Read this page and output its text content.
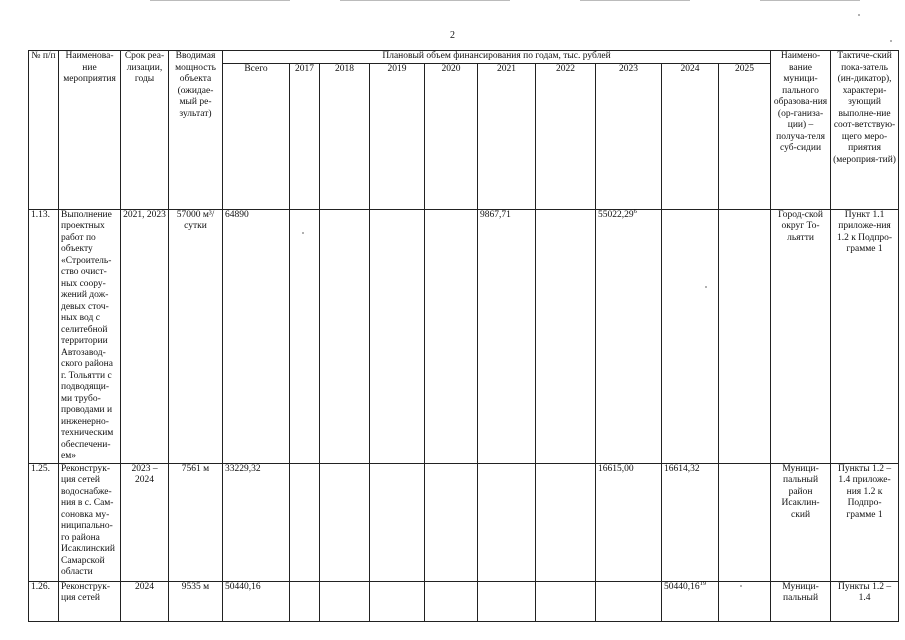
2
№ п/п	Наименова-ние мероприятия	Срок реа-лизации, годы	Вводимая мощность объекта (ожидае-мый ре-зультат)	Плановый объем финансирования по годам, тыс. рублей										Наимено-вание муници-пального образова-ния (ор-ганиза-ции) – получа-теля суб-сидии	Тактиче-ский пока-затель (ин-дикатор), характери-зующий выполне-ние соот-ветствую-щего меро-приятия (мероприя-тий)
				Всего	2017	2018	2019	2020	2021	2022	2023	2024	2025		
1.13.	Выполнение проектных работ по объекту «Строитель-ство очист-ных соору-жений дож-девых сточ-ных вод с селитебной территории Автозавод-ского района г. Тольятти с подводящи-ми трубо-проводами и инженерно-техническим обеспечени-ем»	2021, 2023	57000 м³/сутки	64890					9867,71		55022,29$^6$			Город-ской округ То-льятти	Пункт 1.1 приложе-ния 1.2 к Подпро-грамме 1
1.25.	Реконструк-ция сетей водоснабже-ния в с. Сам-соновка му-ниципально-го района Исаклинский Самарской области	2023 – 2024	7561 м	33229,32							16615,00	16614,32		Муници-пальный район Исаклин-ский	Пункты 1.2 – 1.4 приложе-ния 1.2 к Подпро-грамме 1
1.26.	Реконструк-ция сетей	2024	9535 м	50440,16								50440,16$^{19}$		Муници-пальный	Пункты 1.2 – 1.4
